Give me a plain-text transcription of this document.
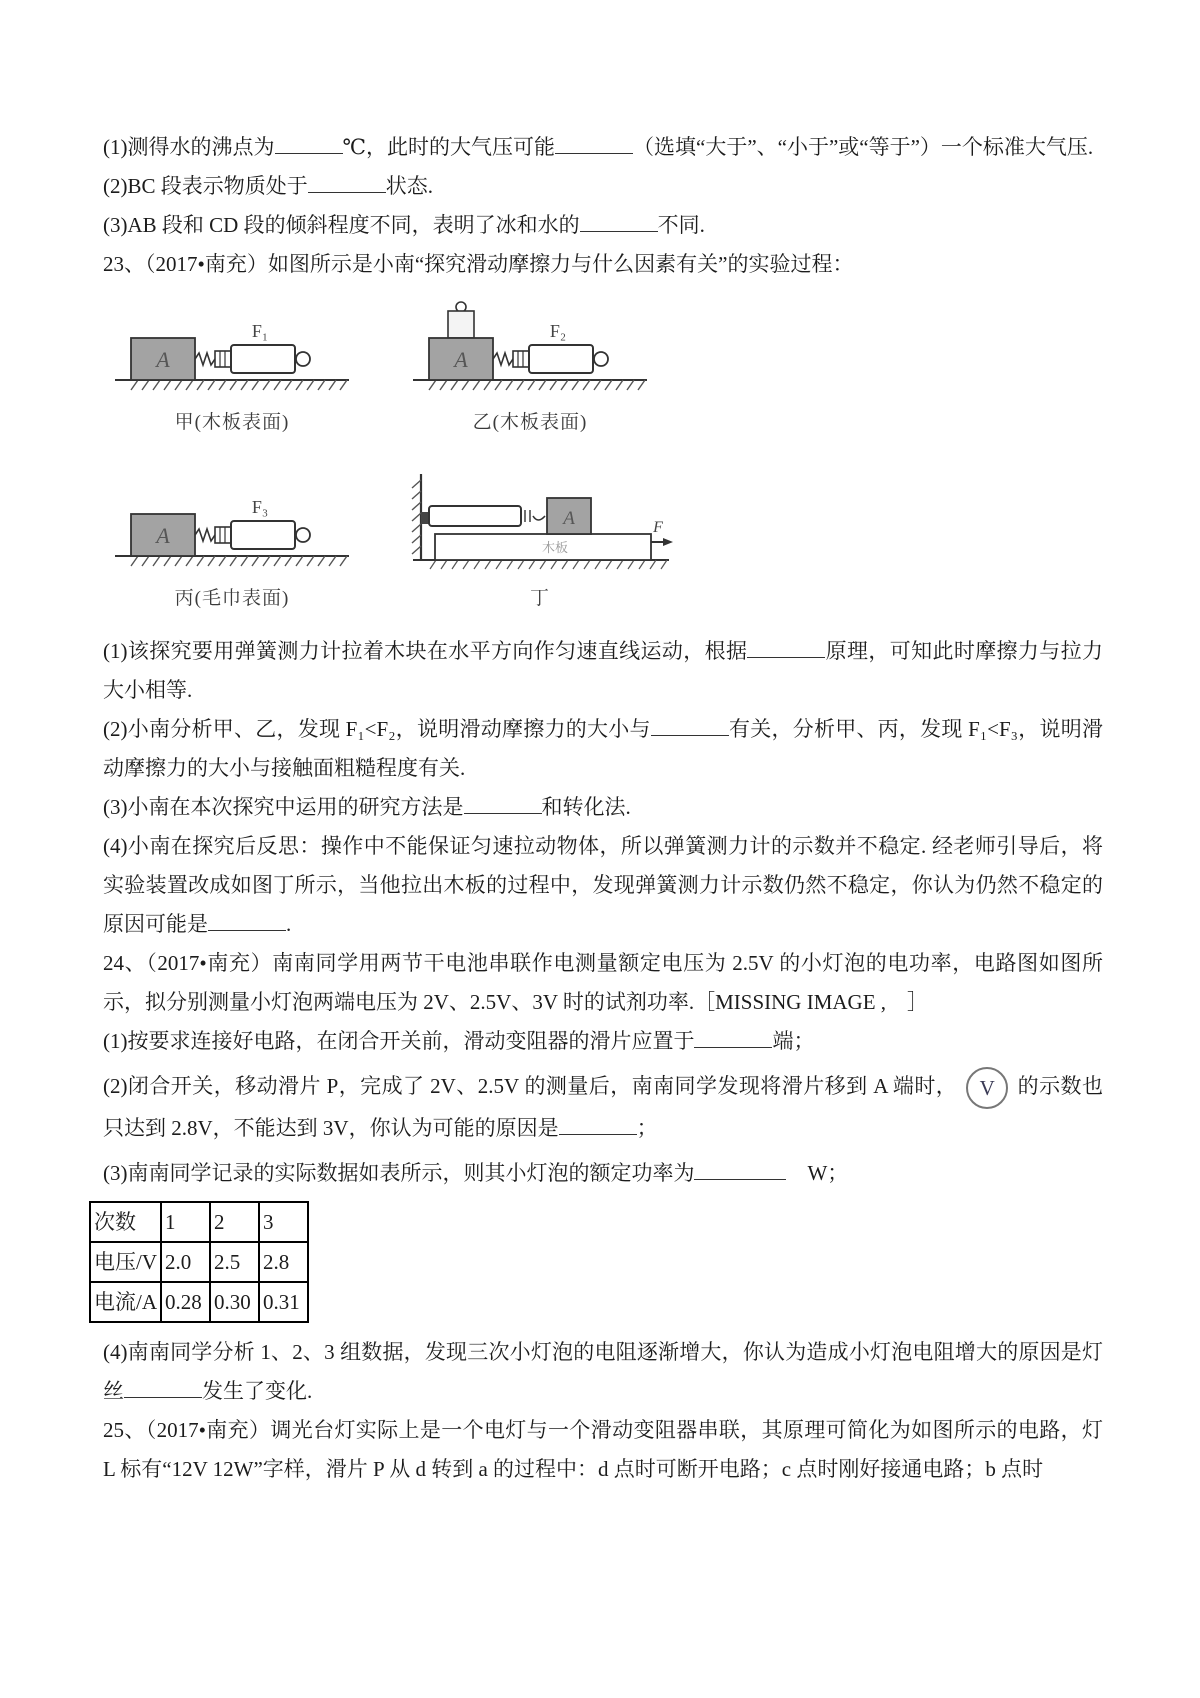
(1)测得水的沸点为	℃，此时的大气压可能	（选填“大于”、“小于”或“等于”）一个标准大气压.

(2)BC 段表示物质处于	状态.

(3)AB 段和 CD 段的倾斜程度不同，表明了冰和水的	不同.

23、（2017•南充）如图所示是小南“探究滑动摩擦力与什么因素有关”的实验过程：

A
F₁
甲(木板表面)
A
F₂
乙(木板表面)
A
F₃
丙(毛巾表面)
木板
A	F
丁

(1)该探究要用弹簧测力计拉着木块在水平方向作匀速直线运动，根据	原理，可知此时摩擦力与拉力大小相等.

(2)小南分析甲、乙，发现 F₁<F₂，说明滑动摩擦力的大小与	有关，分析甲、丙，发现 F₁<F₃，说明滑动摩擦力的大小与接触面粗糙程度有关.

(3)小南在本次探究中运用的研究方法是	和转化法.

(4)小南在探究后反思：操作中不能保证匀速拉动物体，所以弹簧测力计的示数并不稳定. 经老师引导后，将实验装置改成如图丁所示，当他拉出木板的过程中，发现弹簧测力计示数仍然不稳定，你认为仍然不稳定的原因可能是	.

24、（2017•南充）南南同学用两节干电池串联作电测量额定电压为 2.5V 的小灯泡的电功率，电路图如图所示，拟分别测量小灯泡两端电压为 2V、2.5V、3V 时的试剂功率.［MISSING IMAGE ,　］

(1)按要求连接好电路，在闭合开关前，滑动变阻器的滑片应置于	端；

(2)闭合开关，移动滑片 P，完成了 2V、2.5V 的测量后，南南同学发现将滑片移到 A 端时， V 的示数也只达到 2.8V，不能达到 3V，你认为可能的原因是	；

(3)南南同学记录的实际数据如表所示，则其小灯泡的额定功率为	　W；

次数	1	2	3
电压/V	2.0	2.5	2.8
电流/A	0.28	0.30	0.31

(4)南南同学分析 1、2、3 组数据，发现三次小灯泡的电阻逐渐增大，你认为造成小灯泡电阻增大的原因是灯丝	发生了变化.

25、（2017•南充）调光台灯实际上是一个电灯与一个滑动变阻器串联，其原理可简化为如图所示的电路，灯 L 标有“12V 12W”字样，滑片 P 从 d 转到 a 的过程中：d 点时可断开电路；c 点时刚好接通电路；b 点时
